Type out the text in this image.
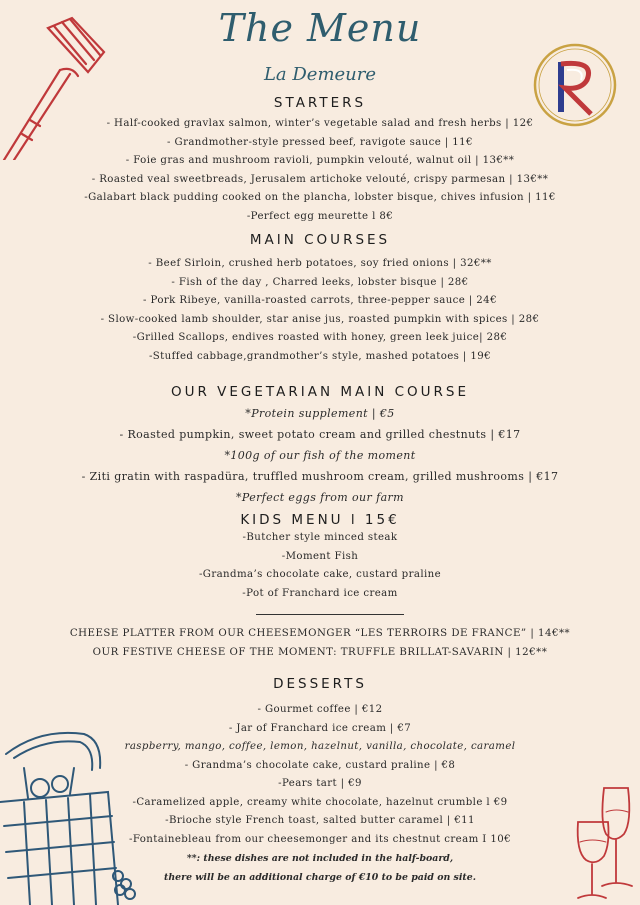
The Menu
La Demeure
STARTERS
- Half-cooked gravlax salmon, winter’s vegetable salad and fresh herbs | 12€
- Grandmother-style pressed beef, ravigote sauce | 11€
- Foie gras and mushroom ravioli, pumpkin velouté, walnut oil | 13€**
- Roasted veal sweetbreads, Jerusalem artichoke velouté, crispy parmesan | 13€**
-Galabart black pudding cooked on the plancha, lobster bisque, chives infusion | 11€
-Perfect egg meurette l 8€
MAIN COURSES
- Beef Sirloin, crushed herb potatoes, soy fried onions | 32€**
- Fish of the day , Charred leeks, lobster bisque | 28€
- Pork Ribeye, vanilla-roasted carrots, three-pepper sauce | 24€
- Slow-cooked lamb shoulder, star anise jus, roasted pumpkin with spices | 28€
-Grilled Scallops, endives roasted with honey, green leek juice| 28€
-Stuffed cabbage,grandmother’s style, mashed potatoes | 19€
OUR VEGETARIAN MAIN COURSE
*Protein supplement | €5
- Roasted pumpkin, sweet potato cream and grilled chestnuts | €17
*100g of our fish of the moment
- Ziti gratin with raspadüra, truffled mushroom cream, grilled mushrooms | €17
*Perfect eggs from our farm
KIDS MENU l 15€
-Butcher style minced steak
-Moment Fish
-Grandma’s chocolate cake, custard praline
-Pot of Franchard ice cream
CHEESE PLATTER FROM OUR CHEESEMONGER “LES TERROIRS DE FRANCE” | 14€**
OUR FESTIVE CHEESE OF THE MOMENT: TRUFFLE BRILLAT-SAVARIN | 12€**
DESSERTS
- Gourmet coffee | €12
- Jar of Franchard ice cream | €7
raspberry, mango, coffee, lemon, hazelnut, vanilla, chocolate, caramel
- Grandma’s chocolate cake, custard praline | €8
-Pears tart | €9
-Caramelized apple, creamy white chocolate, hazelnut crumble l €9
-Brioche style French toast, salted butter caramel | €11
-Fontainebleau from our cheesemonger and its chestnut cream I 10€
**: these dishes are not included in the half-board,
there will be an additional charge of €10 to be paid on site.
